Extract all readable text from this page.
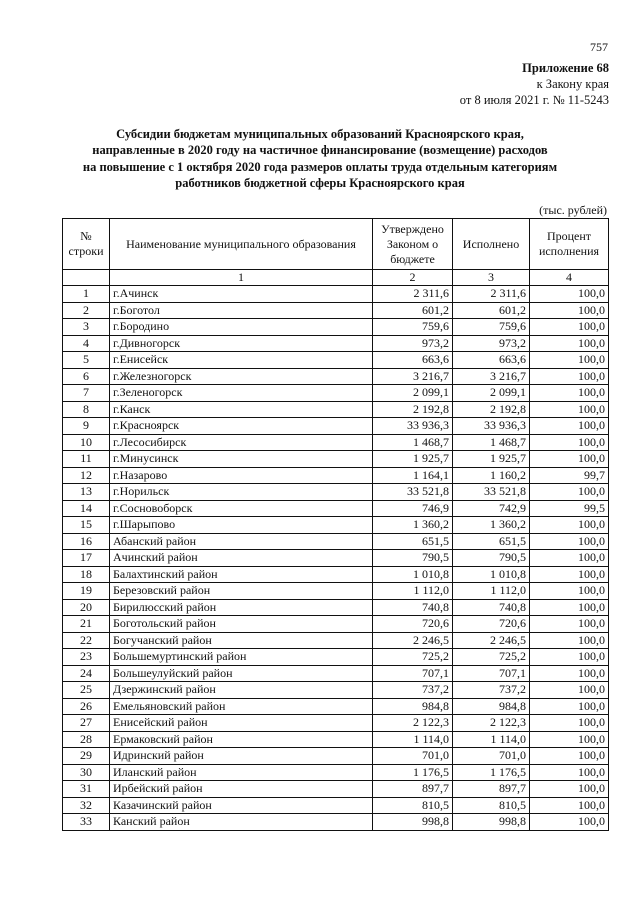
757
Приложение 68
к Закону края
от 8 июля 2021 г. № 11-5243
Субсидии бюджетам муниципальных образований Красноярского края,
направленные в 2020 году на частичное финансирование (возмещение) расходов
на повышение с 1 октября 2020 года размеров оплаты труда отдельным категориям
работников бюджетной сферы Красноярского края
(тыс. рублей)
№ строки	Наименование муниципального образования	Утверждено Законом о бюджете	Исполнено	Процент исполнения
	1	2	3	4
1	г.Ачинск	2 311,6	2 311,6	100,0
2	г.Боготол	601,2	601,2	100,0
3	г.Бородино	759,6	759,6	100,0
4	г.Дивногорск	973,2	973,2	100,0
5	г.Енисейск	663,6	663,6	100,0
6	г.Железногорск	3 216,7	3 216,7	100,0
7	г.Зеленогорск	2 099,1	2 099,1	100,0
8	г.Канск	2 192,8	2 192,8	100,0
9	г.Красноярск	33 936,3	33 936,3	100,0
10	г.Лесосибирск	1 468,7	1 468,7	100,0
11	г.Минусинск	1 925,7	1 925,7	100,0
12	г.Назарово	1 164,1	1 160,2	99,7
13	г.Норильск	33 521,8	33 521,8	100,0
14	г.Сосновоборск	746,9	742,9	99,5
15	г.Шарыпово	1 360,2	1 360,2	100,0
16	Абанский район	651,5	651,5	100,0
17	Ачинский район	790,5	790,5	100,0
18	Балахтинский район	1 010,8	1 010,8	100,0
19	Березовский район	1 112,0	1 112,0	100,0
20	Бирилюсский район	740,8	740,8	100,0
21	Боготольский район	720,6	720,6	100,0
22	Богучанский район	2 246,5	2 246,5	100,0
23	Большемуртинский район	725,2	725,2	100,0
24	Большеулуйский район	707,1	707,1	100,0
25	Дзержинский район	737,2	737,2	100,0
26	Емельяновский район	984,8	984,8	100,0
27	Енисейский район	2 122,3	2 122,3	100,0
28	Ермаковский район	1 114,0	1 114,0	100,0
29	Идринский район	701,0	701,0	100,0
30	Иланский район	1 176,5	1 176,5	100,0
31	Ирбейский район	897,7	897,7	100,0
32	Казачинский район	810,5	810,5	100,0
33	Канский район	998,8	998,8	100,0
